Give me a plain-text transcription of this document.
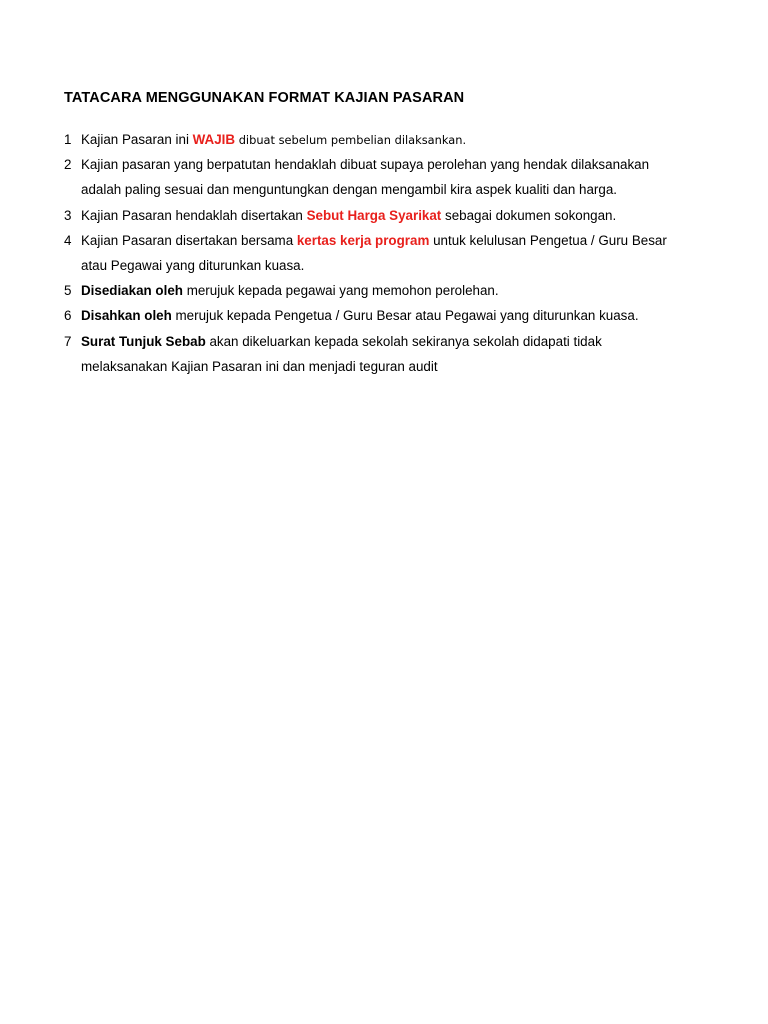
TATACARA MENGGUNAKAN FORMAT KAJIAN PASARAN
1 Kajian Pasaran ini WAJIB dibuat sebelum pembelian dilaksankan.
2 Kajian pasaran yang berpatutan hendaklah dibuat supaya perolehan yang hendak dilaksanakan
adalah paling sesuai dan menguntungkan dengan mengambil kira aspek kualiti dan harga.
3 Kajian Pasaran hendaklah disertakan Sebut Harga Syarikat sebagai dokumen sokongan.
4 Kajian Pasaran disertakan bersama kertas kerja program untuk kelulusan Pengetua / Guru Besar
atau Pegawai yang diturunkan kuasa.
5 Disediakan oleh merujuk kepada pegawai yang memohon perolehan.
6 Disahkan oleh merujuk kepada Pengetua / Guru Besar atau Pegawai yang diturunkan kuasa.
7 Surat Tunjuk Sebab akan dikeluarkan kepada sekolah sekiranya sekolah didapati tidak
melaksanakan Kajian Pasaran ini dan menjadi teguran audit
